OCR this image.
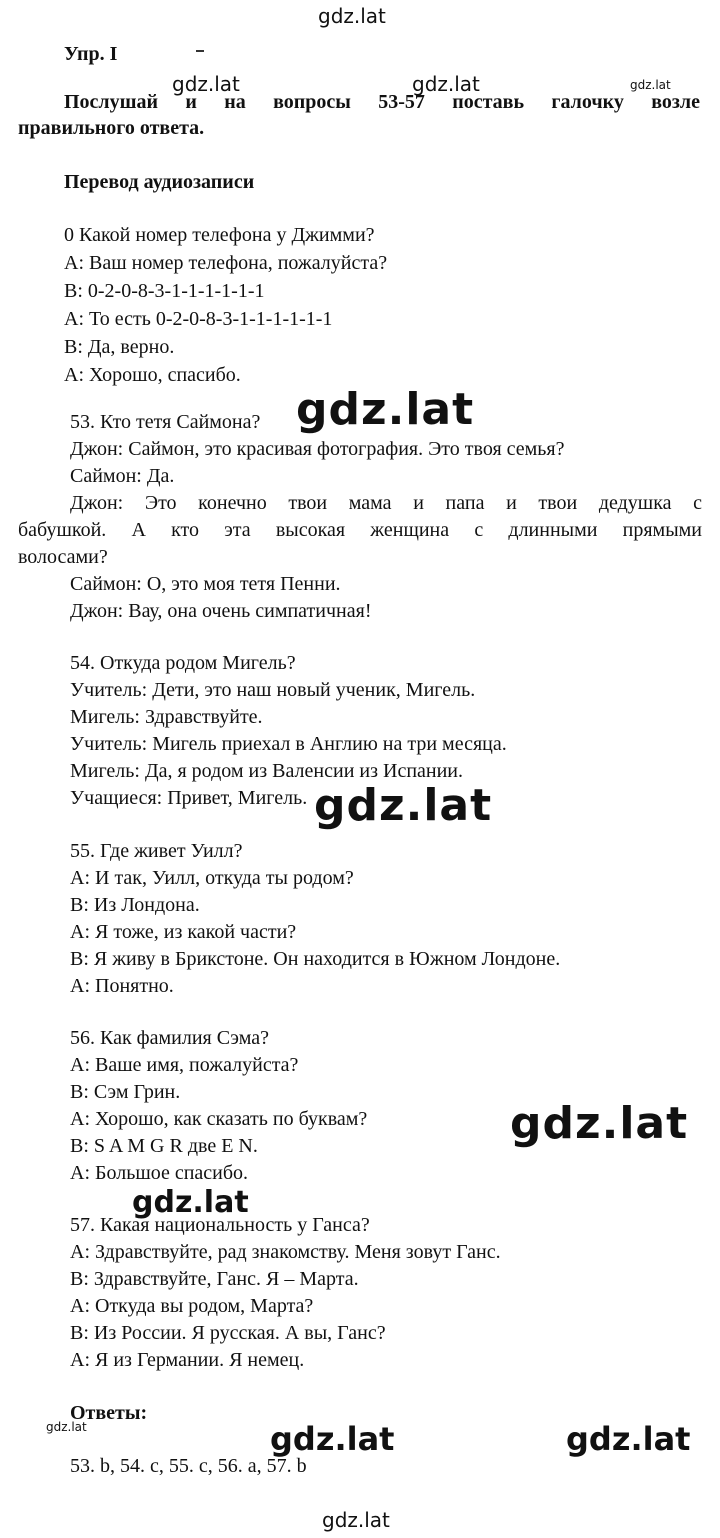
Упр. I
Послушай и на вопросы 53-57 поставь галочку возле
правильного ответа.
Перевод аудиозаписи
0 Какой номер телефона у Джимми?
A: Ваш номер телефона, пожалуйста?
B: 0-2-0-8-3-1-1-1-1-1-1
A: То есть 0-2-0-8-3-1-1-1-1-1-1
B: Да, верно.
A: Хорошо, спасибо.
53. Кто тетя Саймона?
Джон: Саймон, это красивая фотография. Это твоя семья?
Саймон: Да.
Джон: Это конечно твои мама и папа и твои дедушка с
бабушкой. А кто эта высокая женщина с длинными прямыми
волосами?
Саймон: О, это моя тетя Пенни.
Джон: Вау, она очень симпатичная!
54. Откуда родом Мигель?
Учитель: Дети, это наш новый ученик, Мигель.
Мигель: Здравствуйте.
Учитель: Мигель приехал в Англию на три месяца.
Мигель: Да, я родом из Валенсии из Испании.
Учащиеся: Привет, Мигель.
55. Где живет Уилл?
A: И так, Уилл, откуда ты родом?
B: Из Лондона.
A: Я тоже, из какой части?
B: Я живу в Брикстоне. Он находится в Южном Лондоне.
A: Понятно.
56. Как фамилия Сэма?
A: Ваше имя, пожалуйста?
B: Сэм Грин.
A: Хорошо, как сказать по буквам?
B: S A M G R две E N.
A: Большое спасибо.
57. Какая национальность у Ганса?
A: Здравствуйте, рад знакомству. Меня зовут Ганс.
B: Здравствуйте, Ганс. Я – Марта.
A: Откуда вы родом, Марта?
B: Из России. Я русская. А вы, Ганс?
A: Я из Германии. Я немец.
Ответы:
53. b, 54. c, 55. c, 56. a, 57. b
gdz.lat
gdz.lat	gdz.lat	gdz.lat
gdz.lat
gdz.lat
gdz.lat
gdz.lat
gdz.lat	gdz.lat	gdz.lat
gdz.lat
